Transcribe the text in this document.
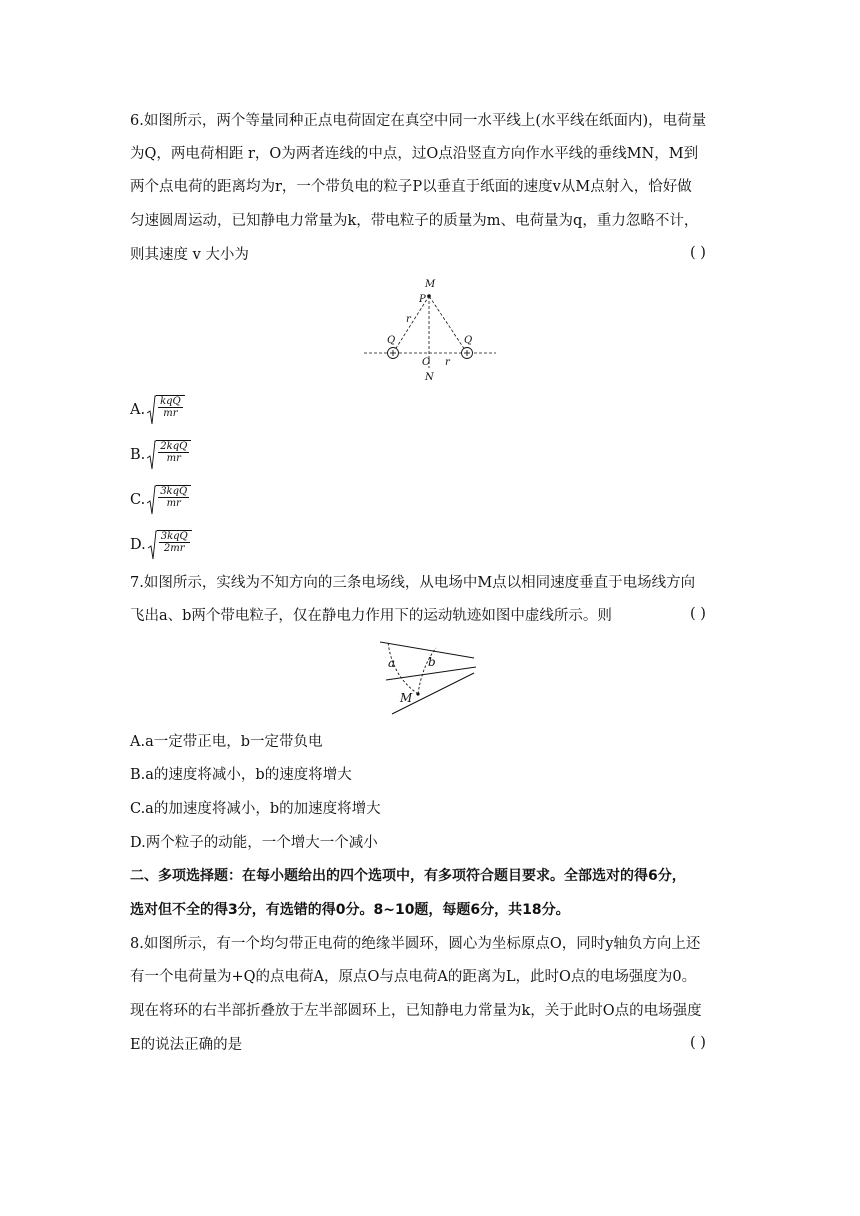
6.如图所示，两个等量同种正点电荷固定在真空中同一水平线上(水平线在纸面内)，电荷量
为Q，两电荷相距 r，O为两者连线的中点，过O点沿竖直方向作水平线的垂线MN，M到
两个点电荷的距离均为r，一个带负电的粒子P以垂直于纸面的速度v从M点射入，恰好做
匀速圆周运动，已知静电力常量为k，带电粒子的质量为m、电荷量为q，重力忽略不计，
则其速度 v 大小为	( )
M
P
r
Q	Q
O r
N
A. $\frac{\text{kqQ}}{mr}$
B. $\frac{\text{2kqQ}}{mr}$
C. $\frac{\text{3kqQ}}{mr}$
D. $\frac{\text{3kqQ}}{2mr}$
7.如图所示，实线为不知方向的三条电场线，从电场中M点以相同速度垂直于电场线方向
飞出a、b两个带电粒子，仅在静电力作用下的运动轨迹如图中虚线所示。则	( )
a	b
M
A.a一定带正电，b一定带负电
B.a的速度将减小，b的速度将增大
C.a的加速度将减小，b的加速度将增大
D.两个粒子的动能，一个增大一个减小
二、多项选择题：在每小题给出的四个选项中，有多项符合题目要求。全部选对的得6分，
选对但不全的得3分，有选错的得0分。8~10题，每题6分，共18分。
8.如图所示，有一个均匀带正电荷的绝缘半圆环，圆心为坐标原点O，同时y轴负方向上还
有一个电荷量为+Q的点电荷A，原点O与点电荷A的距离为L，此时O点的电场强度为0。
现在将环的右半部折叠放于左半部圆环上，已知静电力常量为k，关于此时O点的电场强度
E的说法正确的是	( )
